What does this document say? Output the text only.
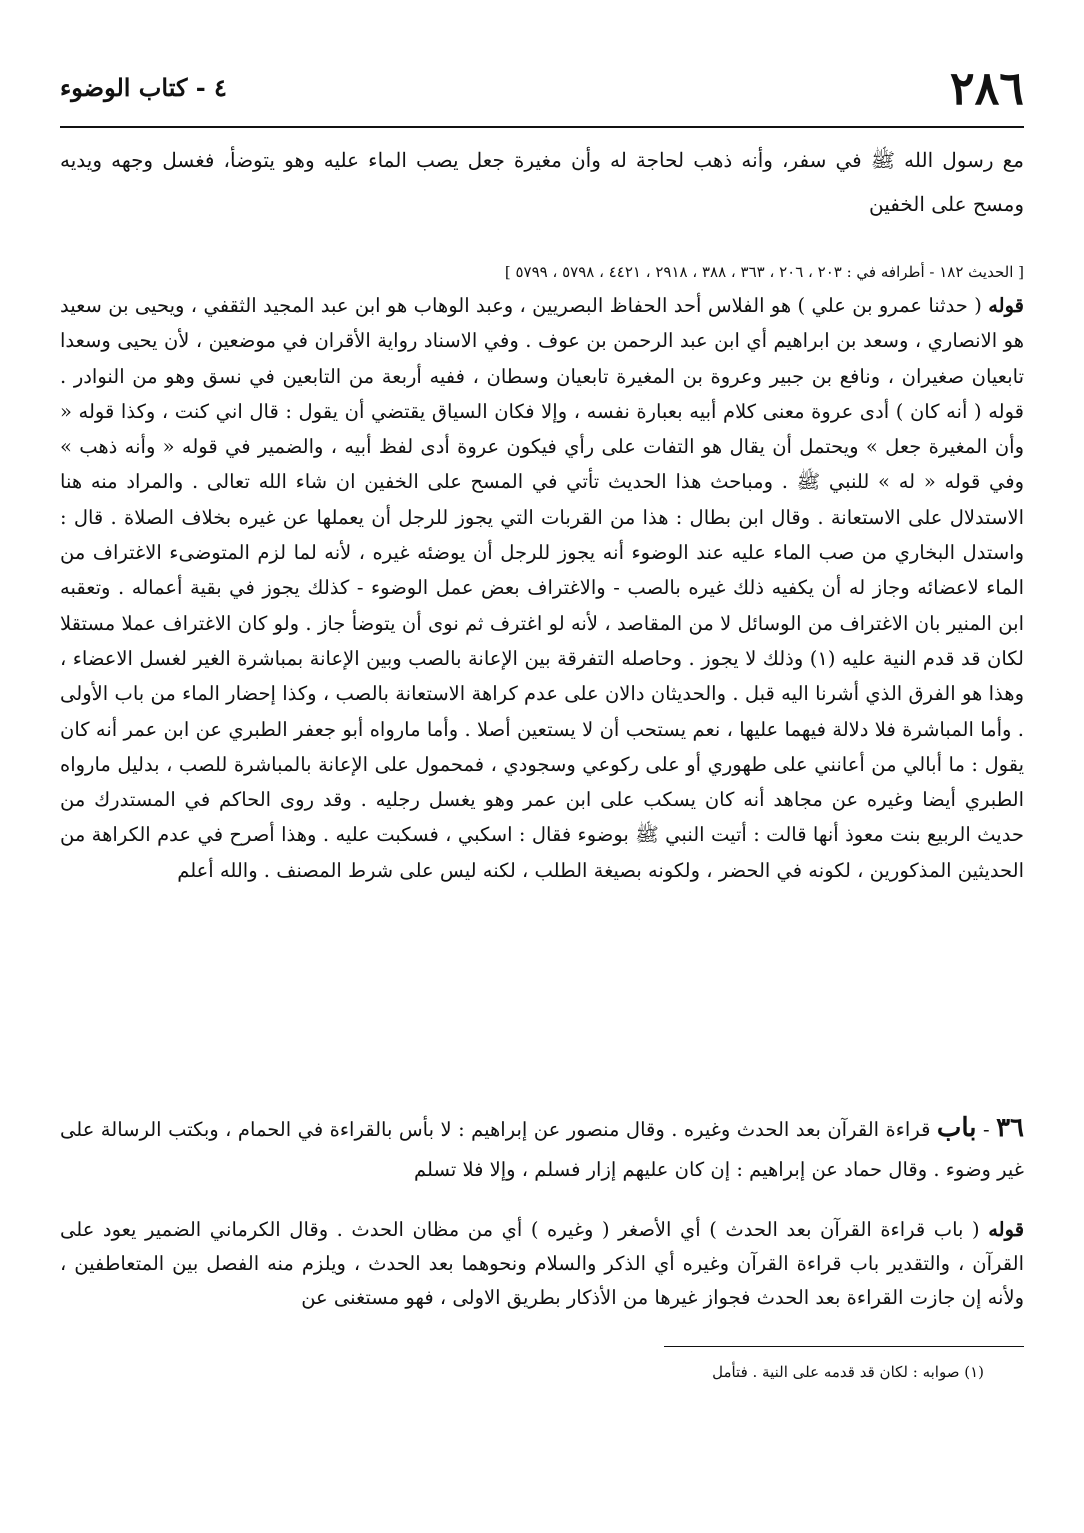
٢٨٦
٤ - كتاب الوضوء
مع رسول الله ﷺ في سفر، وأنه ذهب لحاجة له وأن مغيرة جعل يصب الماء عليه وهو يتوضأ، فغسل وجهه ويديه ومسح على الخفين
[ الحديث ١٨٢ - أطرافه في : ٢٠٣ ، ٢٠٦ ، ٣٦٣ ، ٣٨٨ ، ٢٩١٨ ، ٤٤٢١ ، ٥٧٩٨ ، ٥٧٩٩ ]
قوله ( حدثنا عمرو بن علي ) هو الفلاس أحد الحفاظ البصريين ، وعبد الوهاب هو ابن عبد المجيد الثقفي ، ويحيى بن سعيد هو الانصاري ، وسعد بن ابراهيم أي ابن عبد الرحمن بن عوف . وفي الاسناد رواية الأقران في موضعين ، لأن يحيى وسعدا تابعيان صغيران ، ونافع بن جبير وعروة بن المغيرة تابعيان وسطان ، ففيه أربعة من التابعين في نسق وهو من النوادر . قوله ( أنه كان ) أدى عروة معنى كلام أبيه بعبارة نفسه ، وإلا فكان السياق يقتضي أن يقول : قال اني كنت ، وكذا قوله « وأن المغيرة جعل » ويحتمل أن يقال هو التفات على رأي فيكون عروة أدى لفظ أبيه ، والضمير في قوله « وأنه ذهب » وفي قوله « له » للنبي ﷺ . ومباحث هذا الحديث تأتي في المسح على الخفين ان شاء الله تعالى . والمراد منه هنا الاستدلال على الاستعانة . وقال ابن بطال : هذا من القربات التي يجوز للرجل أن يعملها عن غيره بخلاف الصلاة . قال : واستدل البخاري من صب الماء عليه عند الوضوء أنه يجوز للرجل أن يوضئه غيره ، لأنه لما لزم المتوضىء الاغتراف من الماء لاعضائه وجاز له أن يكفيه ذلك غيره بالصب - والاغتراف بعض عمل الوضوء - كذلك يجوز في بقية أعماله . وتعقبه ابن المنير بان الاغتراف من الوسائل لا من المقاصد ، لأنه لو اغترف ثم نوى أن يتوضأ جاز . ولو كان الاغتراف عملا مستقلا لكان قد قدم النية عليه (١) وذلك لا يجوز . وحاصله التفرقة بين الإعانة بالصب وبين الإعانة بمباشرة الغير لغسل الاعضاء ، وهذا هو الفرق الذي أشرنا اليه قبل . والحديثان دالان على عدم كراهة الاستعانة بالصب ، وكذا إحضار الماء من باب الأولى . وأما المباشرة فلا دلالة فيهما عليها ، نعم يستحب أن لا يستعين أصلا . وأما مارواه أبو جعفر الطبري عن ابن عمر أنه كان يقول : ما أبالي من أعانني على طهوري أو على ركوعي وسجودي ، فمحمول على الإعانة بالمباشرة للصب ، بدليل مارواه الطبري أيضا وغيره عن مجاهد أنه كان يسكب على ابن عمر وهو يغسل رجليه . وقد روى الحاكم في المستدرك من حديث الربيع بنت معوذ أنها قالت : أتيت النبي ﷺ بوضوء فقال : اسكبي ، فسكبت عليه . وهذا أصرح في عدم الكراهة من الحديثين المذكورين ، لكونه في الحضر ، ولكونه بصيغة الطلب ، لكنه ليس على شرط المصنف . والله أعلم
٣٦ - باب قراءة القرآن بعد الحدث وغيره . وقال منصور عن إبراهيم : لا بأس بالقراءة في الحمام ، وبكتب الرسالة على غير وضوء . وقال حماد عن إبراهيم : إن كان عليهم إزار فسلم ، وإلا فلا تسلم
قوله ( باب قراءة القرآن بعد الحدث ) أي الأصغر ( وغيره ) أي من مظان الحدث . وقال الكرماني الضمير يعود على القرآن ، والتقدير باب قراءة القرآن وغيره أي الذكر والسلام ونحوهما بعد الحدث ، ويلزم منه الفصل بين المتعاطفين ، ولأنه إن جازت القراءة بعد الحدث فجواز غيرها من الأذكار بطريق الاولى ، فهو مستغنى عن
(١) صوابه : لكان قد قدمه على النية . فتأمل
